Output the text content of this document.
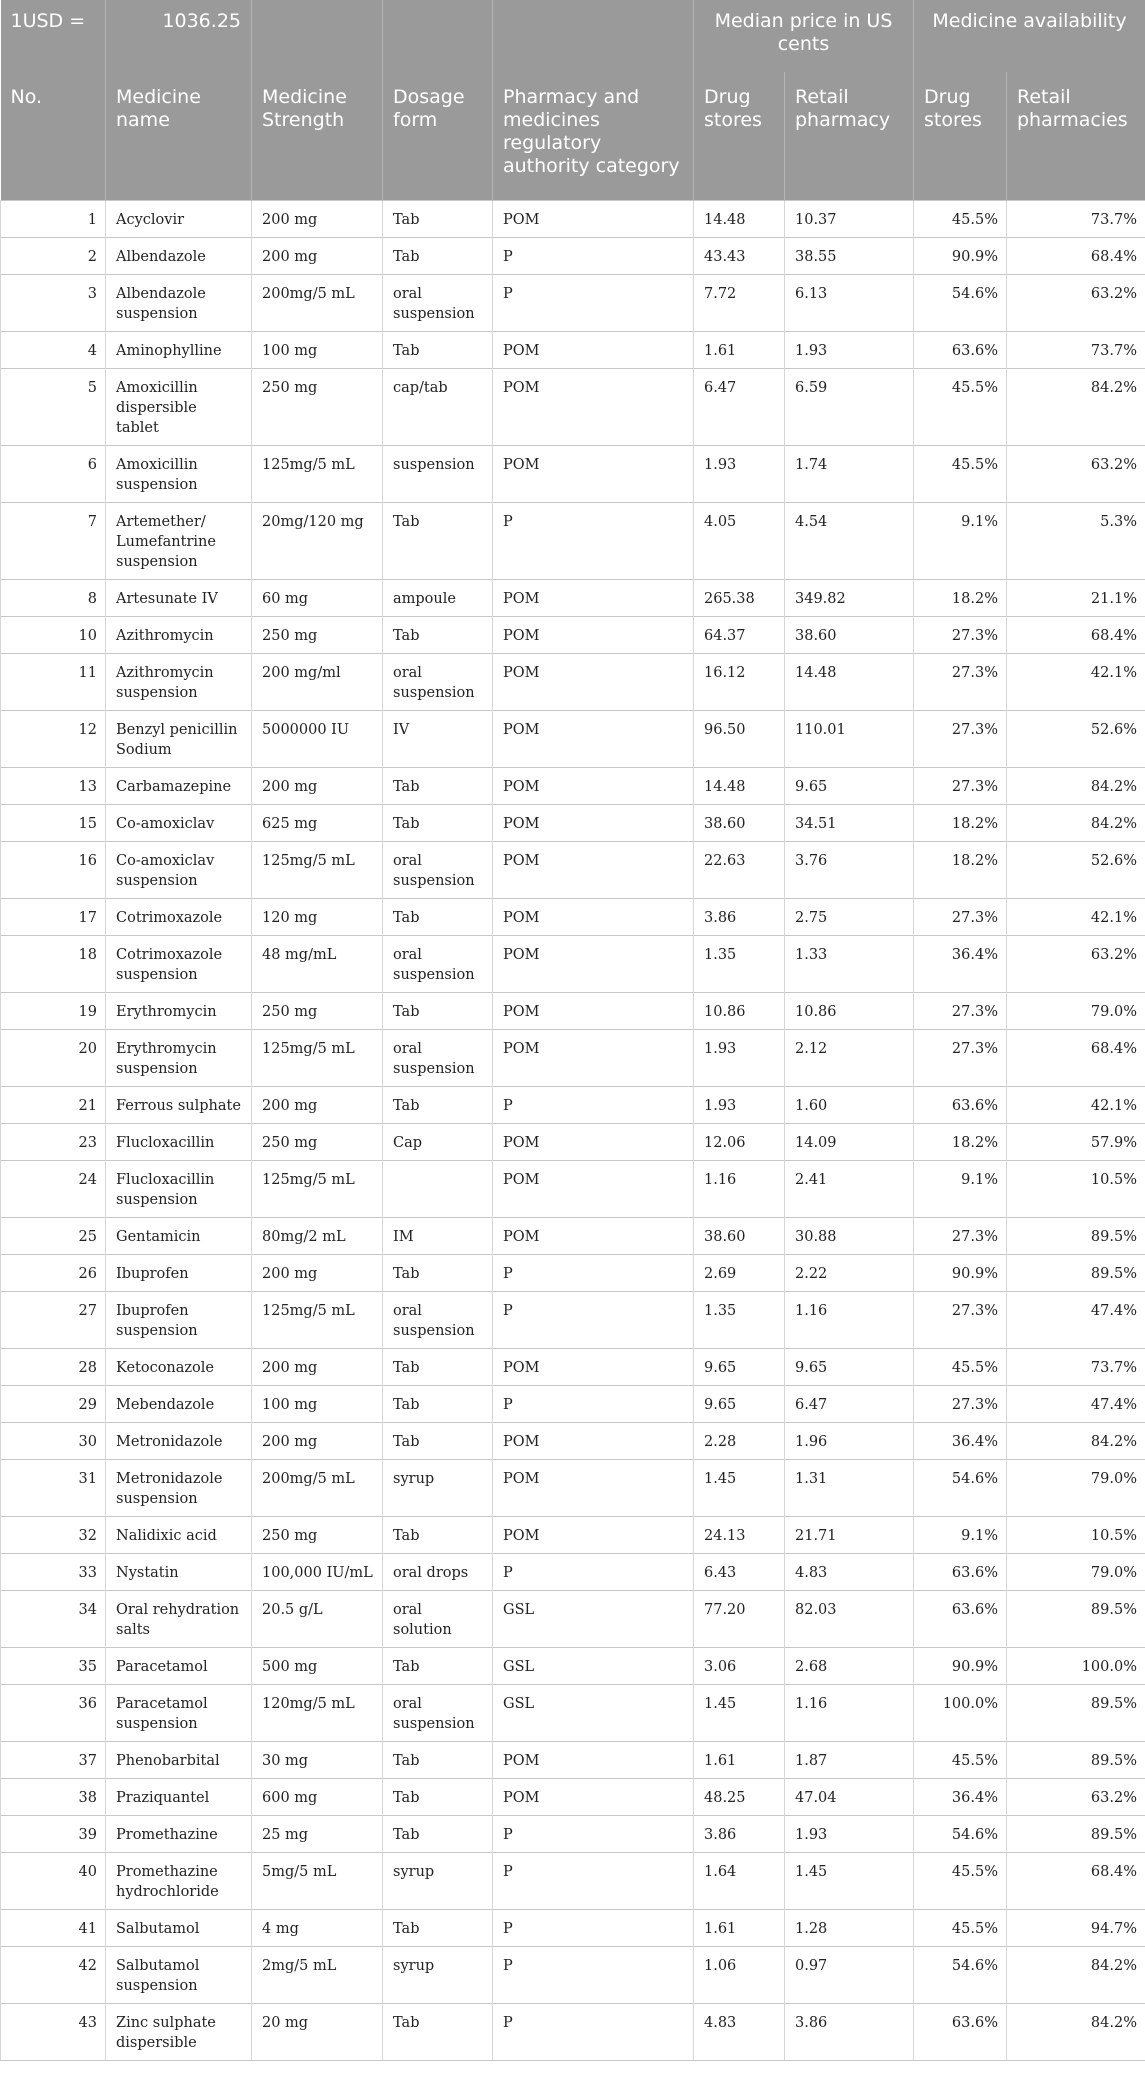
1USD =	1036.25				Median price in US cents		Medicine availability	
No.	Medicine name	Medicine Strength	Dosage form	Pharmacy and medicines regulatory authority category	Drug stores	Retail pharmacy	Drug stores	Retail pharmacies
1	Acyclovir	200 mg	Tab	POM	14.48	10.37	45.5%	73.7%
2	Albendazole	200 mg	Tab	P	43.43	38.55	90.9%	68.4%
3	Albendazole suspension	200mg/5 mL	oral suspension	P	7.72	6.13	54.6%	63.2%
4	Aminophylline	100 mg	Tab	POM	1.61	1.93	63.6%	73.7%
5	Amoxicillin dispersible tablet	250 mg	cap/tab	POM	6.47	6.59	45.5%	84.2%
6	Amoxicillin suspension	125mg/5 mL	suspension	POM	1.93	1.74	45.5%	63.2%
7	Artemether/ Lumefantrine suspension	20mg/120 mg	Tab	P	4.05	4.54	9.1%	5.3%
8	Artesunate IV	60 mg	ampoule	POM	265.38	349.82	18.2%	21.1%
10	Azithromycin	250 mg	Tab	POM	64.37	38.60	27.3%	68.4%
11	Azithromycin suspension	200 mg/ml	oral suspension	POM	16.12	14.48	27.3%	42.1%
12	Benzyl penicillin Sodium	5000000 IU	IV	POM	96.50	110.01	27.3%	52.6%
13	Carbamazepine	200 mg	Tab	POM	14.48	9.65	27.3%	84.2%
15	Co-amoxiclav	625 mg	Tab	POM	38.60	34.51	18.2%	84.2%
16	Co-amoxiclav suspension	125mg/5 mL	oral suspension	POM	22.63	3.76	18.2%	52.6%
17	Cotrimoxazole	120 mg	Tab	POM	3.86	2.75	27.3%	42.1%
18	Cotrimoxazole suspension	48 mg/mL	oral suspension	POM	1.35	1.33	36.4%	63.2%
19	Erythromycin	250 mg	Tab	POM	10.86	10.86	27.3%	79.0%
20	Erythromycin suspension	125mg/5 mL	oral suspension	POM	1.93	2.12	27.3%	68.4%
21	Ferrous sulphate	200 mg	Tab	P	1.93	1.60	63.6%	42.1%
23	Flucloxacillin	250 mg	Cap	POM	12.06	14.09	18.2%	57.9%
24	Flucloxacillin suspension	125mg/5 mL		POM	1.16	2.41	9.1%	10.5%
25	Gentamicin	80mg/2 mL	IM	POM	38.60	30.88	27.3%	89.5%
26	Ibuprofen	200 mg	Tab	P	2.69	2.22	90.9%	89.5%
27	Ibuprofen suspension	125mg/5 mL	oral suspension	P	1.35	1.16	27.3%	47.4%
28	Ketoconazole	200 mg	Tab	POM	9.65	9.65	45.5%	73.7%
29	Mebendazole	100 mg	Tab	P	9.65	6.47	27.3%	47.4%
30	Metronidazole	200 mg	Tab	POM	2.28	1.96	36.4%	84.2%
31	Metronidazole suspension	200mg/5 mL	syrup	POM	1.45	1.31	54.6%	79.0%
32	Nalidixic acid	250 mg	Tab	POM	24.13	21.71	9.1%	10.5%
33	Nystatin	100,000 IU/mL	oral drops	P	6.43	4.83	63.6%	79.0%
34	Oral rehydration salts	20.5 g/L	oral solution	GSL	77.20	82.03	63.6%	89.5%
35	Paracetamol	500 mg	Tab	GSL	3.06	2.68	90.9%	100.0%
36	Paracetamol suspension	120mg/5 mL	oral suspension	GSL	1.45	1.16	100.0%	89.5%
37	Phenobarbital	30 mg	Tab	POM	1.61	1.87	45.5%	89.5%
38	Praziquantel	600 mg	Tab	POM	48.25	47.04	36.4%	63.2%
39	Promethazine	25 mg	Tab	P	3.86	1.93	54.6%	89.5%
40	Promethazine hydrochloride	5mg/5 mL	syrup	P	1.64	1.45	45.5%	68.4%
41	Salbutamol	4 mg	Tab	P	1.61	1.28	45.5%	94.7%
42	Salbutamol suspension	2mg/5 mL	syrup	P	1.06	0.97	54.6%	84.2%
43	Zinc sulphate dispersible	20 mg	Tab	P	4.83	3.86	63.6%	84.2%
